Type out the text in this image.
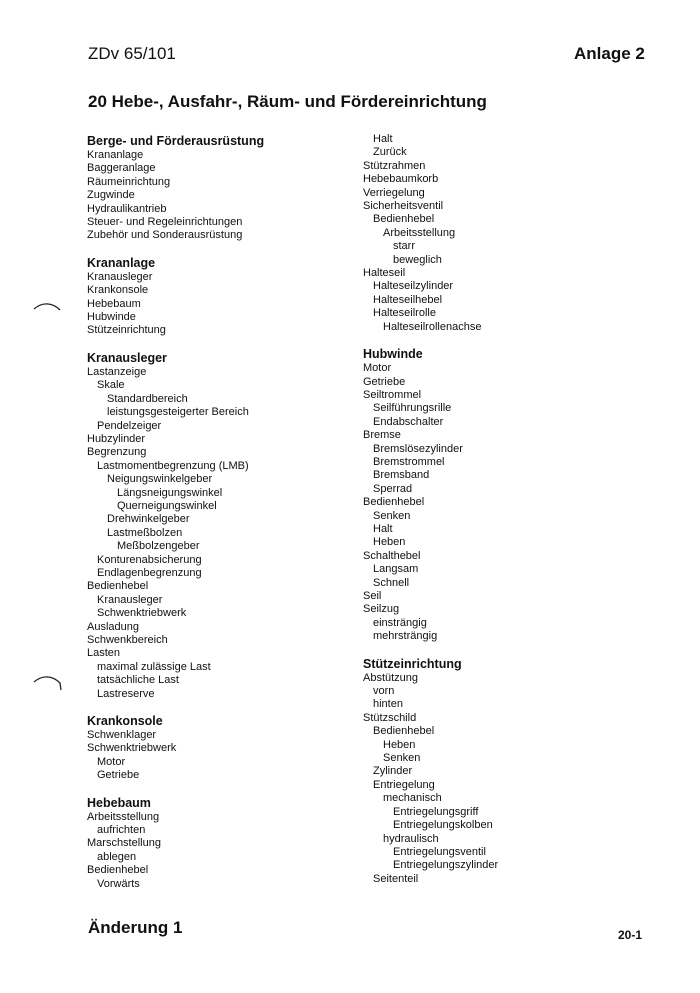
ZDv 65/101	Anlage 2
20 Hebe-, Ausfahr-, Räum- und Fördereinrichtung
Berge- und Förderausrüstung
Krananlage
Baggeranlage
Räumeinrichtung
Zugwinde
Hydraulikantrieb
Steuer- und Regeleinrichtungen
Zubehör und Sonderausrüstung
Krananlage
Kranausleger
Krankonsole
Hebebaum
Hubwinde
Stützeinrichtung
Kranausleger
Lastanzeige
Skale
Standardbereich
leistungsgesteigerter Bereich
Pendelzeiger
Hubzylinder
Begrenzung
Lastmomentbegrenzung (LMB)
Neigungswinkelgeber
Längsneigungswinkel
Querneigungswinkel
Drehwinkelgeber
Lastmeßbolzen
Meßbolzengeber
Konturenabsicherung
Endlagenbegrenzung
Bedienhebel
Kranausleger
Schwenktriebwerk
Ausladung
Schwenkbereich
Lasten
maximal zulässige Last
tatsächliche Last
Lastreserve
Krankonsole
Schwenklager
Schwenktriebwerk
Motor
Getriebe
Hebebaum
Arbeitsstellung
aufrichten
Marschstellung
ablegen
Bedienhebel
Vorwärts
Halt
Zurück
Stützrahmen
Hebebaumkorb
Verriegelung
Sicherheitsventil
Bedienhebel
Arbeitsstellung
starr
beweglich
Halteseil
Halteseilzylinder
Halteseilhebel
Halteseilrolle
Halteseilrollenachse
Hubwinde
Motor
Getriebe
Seiltrommel
Seilführungsrille
Endabschalter
Bremse
Bremslösezylinder
Bremstrommel
Bremsband
Sperrad
Bedienhebel
Senken
Halt
Heben
Schalthebel
Langsam
Schnell
Seil
Seilzug
einsträngig
mehrsträngig
Stützeinrichtung
Abstützung
vorn
hinten
Stützschild
Bedienhebel
Heben
Senken
Zylinder
Entriegelung
mechanisch
Entriegelungsgriff
Entriegelungskolben
hydraulisch
Entriegelungsventil
Entriegelungszylinder
Seitenteil
Änderung 1	20-1
